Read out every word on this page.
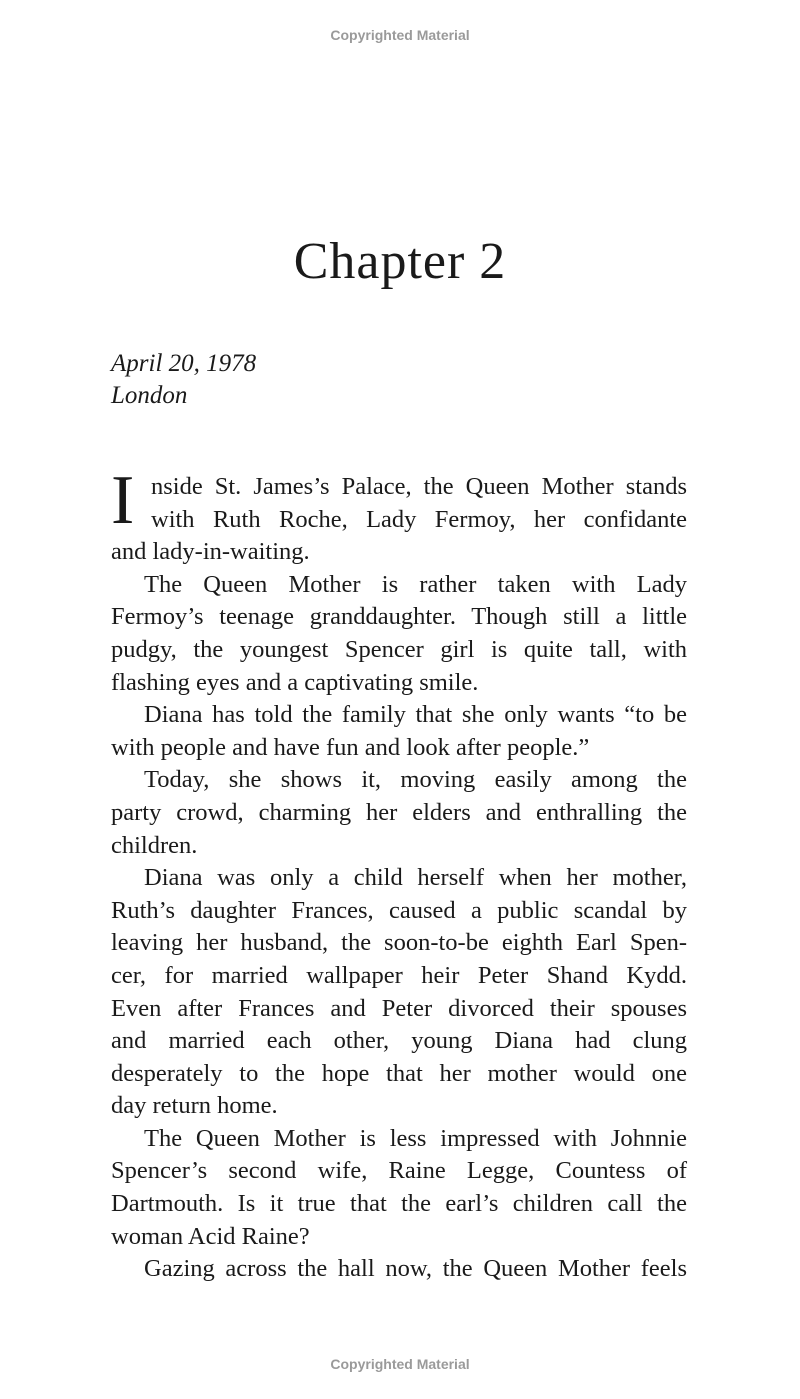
Copyrighted Material
Chapter 2
April 20, 1978
London
I nside St. James’s Palace, the Queen Mother stands
with Ruth Roche, Lady Fermoy, her confidante
and lady-in-waiting.
The Queen Mother is rather taken with Lady
Fermoy’s teenage granddaughter. Though still a little
pudgy, the youngest Spencer girl is quite tall, with
flashing eyes and a captivating smile.
Diana has told the family that she only wants “to be
with people and have fun and look after people.”
Today, she shows it, moving easily among the
party crowd, charming her elders and enthralling the
children.
Diana was only a child herself when her mother,
Ruth’s daughter Frances, caused a public scandal by
leaving her husband, the soon-to-be eighth Earl Spen-
cer, for married wallpaper heir Peter Shand Kydd.
Even after Frances and Peter divorced their spouses
and married each other, young Diana had clung
desperately to the hope that her mother would one
day return home.
The Queen Mother is less impressed with Johnnie
Spencer’s second wife, Raine Legge, Countess of
Dartmouth. Is it true that the earl’s children call the
woman Acid Raine?
Gazing across the hall now, the Queen Mother feels
Copyrighted Material
